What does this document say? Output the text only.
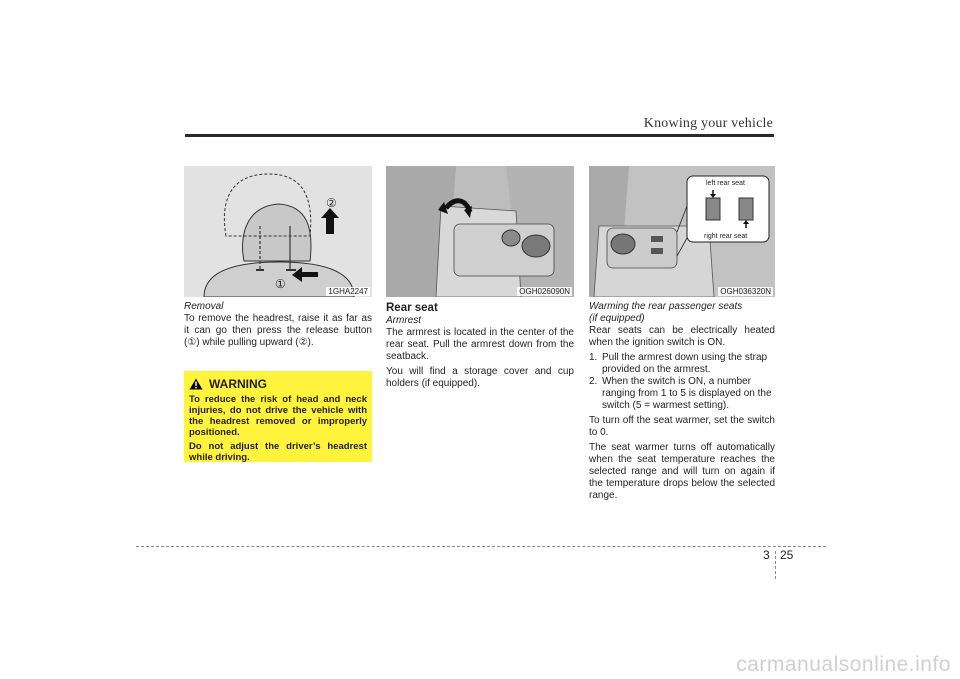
Knowing your vehicle
②
①
1GHA2247
Removal

To remove the headrest, raise it as far as it can go then press the release button (①) while pulling upward (②).

WARNING

To reduce the risk of head and neck injuries, do not drive the vehicle with the headrest removed or improperly positioned.

Do not adjust the driver’s headrest while driving.

OGH026090N
Rear seat
Armrest

The armrest is located in the center of the rear seat. Pull the armrest down from the seatback.

You will find a storage cover and cup holders (if equipped).

left rear seat
right rear seat
OGH036320N
Warming the rear passenger seats
(if equipped)

Rear seats can be electrically heated when the ignition switch is ON.

1. Pull the armrest down using the strap provided on the armrest.
2. When the switch is ON, a number ranging from 1 to 5 is displayed on the switch (5 = warmest setting).

To turn off the seat warmer, set the switch to 0.

The seat warmer turns off automatically when the seat temperature reaches the selected range and will turn on again if the temperature drops below the selected range.

3 25
carmanualsonline.info
